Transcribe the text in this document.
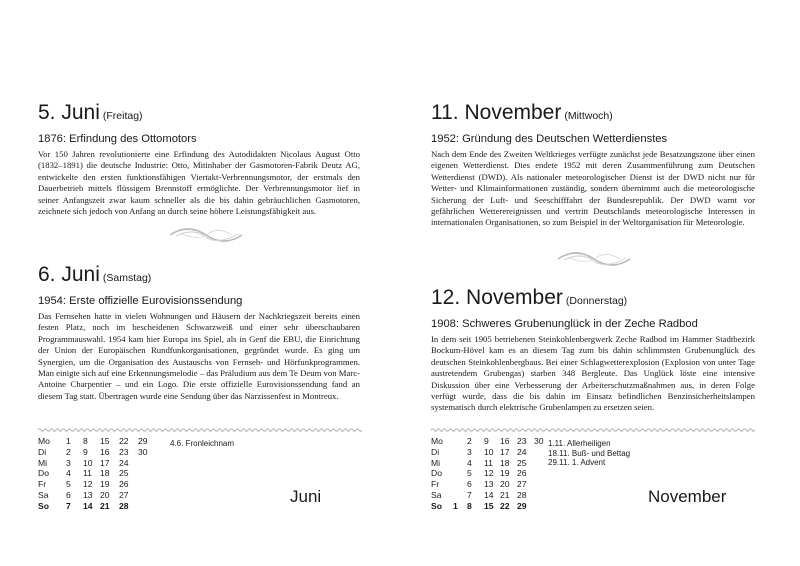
5. Juni (Freitag)
1876: Erfindung des Ottomotors
Vor 150 Jahren revolutionierte eine Erfindung des Autodidakten Nicolaus August Otto (1832–1891) die deutsche Industrie: Otto, Mitinhaber der Gasmotoren-Fabrik Deutz AG, entwickelte den ersten funktionsfähigen Viertakt-Verbrennungsmotor, der erstmals den Dauerbetrieb mittels flüssigem Brennstoff ermöglichte. Der Verbrennungsmotor lief in seiner Anfangszeit zwar kaum schneller als die bis dahin gebräuchlichen Gasmotoren, zeichnete sich jedoch von Anfang an durch seine höhere Leistungsfähigkeit aus.
6. Juni (Samstag)
1954: Erste offizielle Eurovisionssendung
Das Fernsehen hatte in vielen Wohnungen und Häusern der Nachkriegszeit bereits einen festen Platz, noch im bescheidenen Schwarzweiß und einer sehr überschaubaren Programmauswahl. 1954 kam hier Europa ins Spiel, als in Genf die EBU, die Einrichtung der Union der Europäischen Rundfunkorganisationen, gegründet wurde. Es ging um Synergien, um die Organisation des Austauschs von Fernseh- und Hörfunkprogrammen. Man einigte sich auf eine Erkennungsmelodie – das Präludium aus dem Te Deum von Marc-Antoine Charpentier – und ein Logo. Die erste offizielle Eurovisionssendung fand an diesem Tag statt. Übertragen wurde eine Sendung über das Narzissenfest in Montreux.
Mo 1 8 15 22 29
Di 2 9 16 23 30
Mi 3 10 17 24
Do 4 11 18 25
Fr 5 12 19 26
Sa 6 13 20 27
So 7 14 21 28
4.6. Fronleichnam
Juni
11. November (Mittwoch)
1952: Gründung des Deutschen Wetterdienstes
Nach dem Ende des Zweiten Weltkrieges verfügte zunächst jede Besatzungszone über einen eigenen Wetterdienst. Dies endete 1952 mit deren Zusammenführung zum Deutschen Wetterdienst (DWD). Als nationaler meteorologischer Dienst ist der DWD nicht nur für Wetter- und Klimainformationen zuständig, sondern übernimmt auch die meteorologische Sicherung der Luft- und Seeschifffahrt der Bundesrepublik. Der DWD warnt vor gefährlichen Wetterereignissen und vertritt Deutschlands meteorologische Interessen in internationalen Organisationen, so zum Beispiel in der Weltorganisation für Meteorologie.
12. November (Donnerstag)
1908: Schweres Grubenunglück in der Zeche Radbod
In dem seit 1905 betriebenen Steinkohlenbergwerk Zeche Radbod im Hammer Stadtbezirk Bockum-Hövel kam es an diesem Tag zum bis dahin schlimmsten Grubenunglück des deutschen Steinkohlenbergbaus. Bei einer Schlagwetterexplosion (Explosion von unter Tage austretendem Grubengas) starben 348 Bergleute. Das Unglück löste eine intensive Diskussion über eine Verbesserung der Arbeiterschutzmaßnahmen aus, in deren Folge verfügt wurde, dass die bis dahin im Einsatz befindlichen Benzinsicherheitslampen systematisch durch elektrische Grubenlampen zu ersetzen seien.
Mo	2 9 16 23 30
Di	3 10 17 24
Mi	4 11 18 25
Do	5 12 19 26
Fr	6 13 20 27
Sa	7 14 21 28
So 1 8 15 22 29
1.11. Allerheiligen
18.11. Buß- und Bettag
29.11. 1. Advent
November
